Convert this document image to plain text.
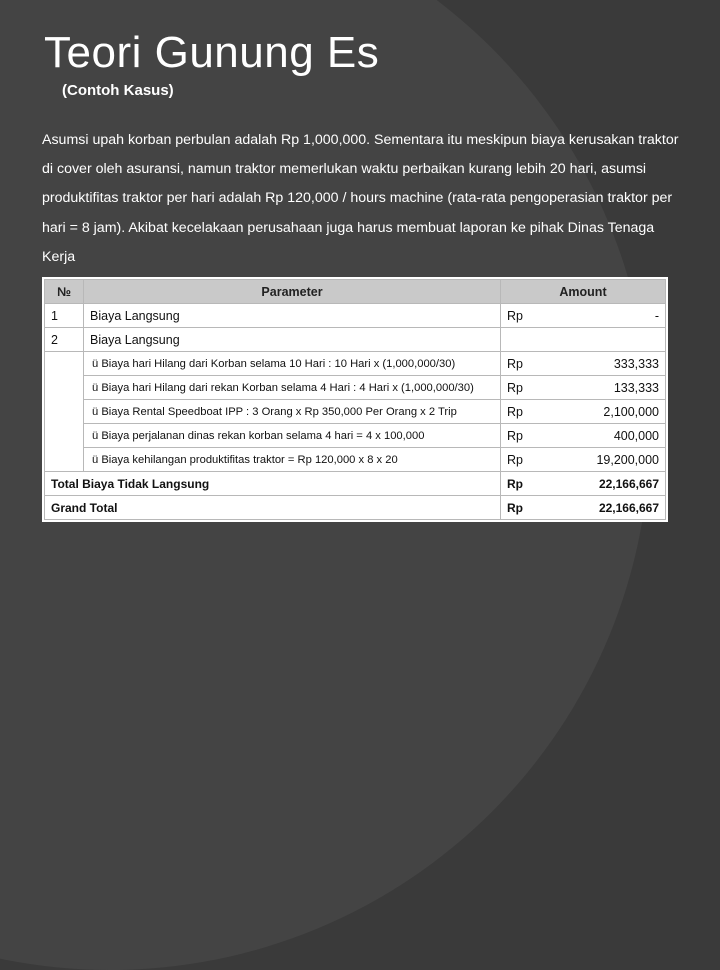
Teori Gunung Es
(Contoh Kasus)
Asumsi upah korban perbulan adalah Rp 1,000,000. Sementara itu meskipun biaya kerusakan traktor di cover oleh asuransi, namun traktor memerlukan waktu perbaikan kurang lebih 20 hari, asumsi produktifitas traktor per hari adalah Rp 120,000 / hours machine (rata-rata pengoperasian traktor per hari = 8 jam). Akibat kecelakaan perusahaan juga harus membuat laporan ke pihak Dinas Tenaga Kerja
№	Parameter	Amount	
1	Biaya Langsung	Rp	-
2	Biaya Langsung		
	ü Biaya hari Hilang dari Korban selama 10 Hari : 10 Hari x (1,000,000/30)	Rp	333,333
	ü Biaya hari Hilang dari rekan Korban selama 4 Hari : 4 Hari x (1,000,000/30)	Rp	133,333
	ü Biaya Rental Speedboat IPP : 3 Orang x Rp 350,000 Per Orang x 2 Trip	Rp	2,100,000
	ü Biaya perjalanan dinas rekan korban selama 4 hari = 4 x 100,000	Rp	400,000
	ü Biaya kehilangan produktifitas traktor = Rp 120,000 x 8 x 20	Rp	19,200,000
Total Biaya Tidak Langsung		Rp	22,166,667
Grand Total		Rp	22,166,667
